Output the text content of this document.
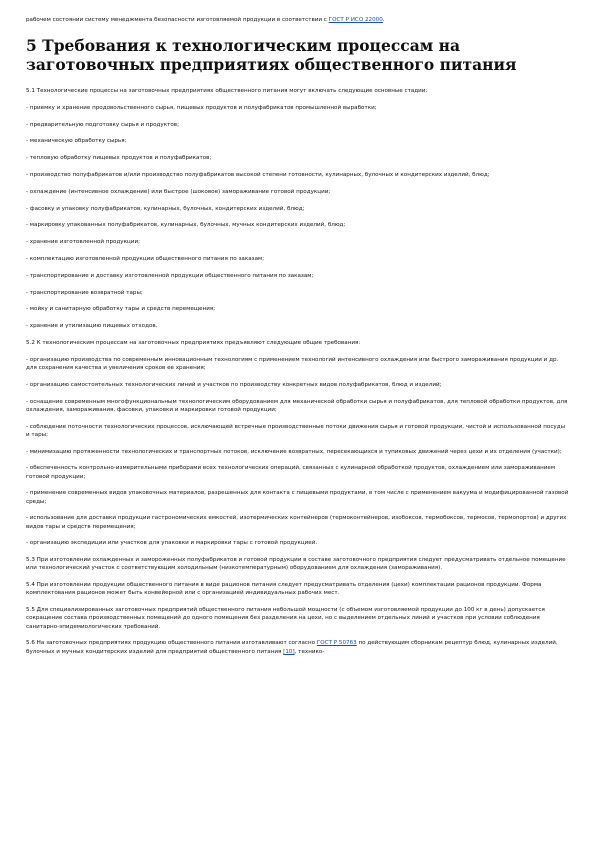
рабочем состоянии систему менеджмента безопасности изготовляемой продукции в соответствии с ГОСТ Р ИСО 22000.

5 Требования к технологическим процессам на заготовочных предприятиях общественного питания

5.1 Технологические процессы на заготовочных предприятиях общественного питания могут включать следующие основные стадии:

- приемку и хранение продовольственного сырья, пищевых продуктов и полуфабрикатов промышленной выработки;

- предварительную подготовку сырья и продуктов;

- механическую обработку сырья;

- тепловую обработку пищевых продуктов и полуфабрикатов;

- производство полуфабрикатов и/или производство полуфабрикатов высокой степени готовности, кулинарных, булочных и кондитерских изделий, блюд;

- охлаждение (интенсивное охлаждение) или быстрое (шоковое) замораживание готовой продукции;

- фасовку и упаковку полуфабрикатов, кулинарных, булочных, кондитерских изделий, блюд;

- маркировку упакованных полуфабрикатов, кулинарных, булочных, мучных кондитерских изделий, блюд;

- хранение изготовленной продукции;

- комплектацию изготовленной продукции общественного питания по заказам;

- транспортирование и доставку изготовленной продукции общественного питания по заказам;

- транспортирование возвратной тары;

- мойку и санитарную обработку тары и средств перемещения;

- хранение и утилизацию пищевых отходов.

5.2 К технологическим процессам на заготовочных предприятиях предъявляют следующие общие требования:

- организацию производства по современным инновационным технологиям с применением технологий интенсивного охлаждения или быстрого замораживания продукции и др. для сохранения качества и увеличения сроков ее хранения;

- организацию самостоятельных технологических линий и участков по производству конкретных видов полуфабрикатов, блюд и изделий;

- оснащение современным многофункциональным технологическим оборудованием для механической обработки сырья и полуфабрикатов, для тепловой обработки продуктов, для охлаждения, замораживания, фасовки, упаковки и маркировки готовой продукции;

- соблюдение поточности технологических процессов, исключающей встречные производственные потоки движения сырья и готовой продукции, чистой и использованной посуды и тары;

- минимизацию протяженности технологических и транспортных потоков, исключение возвратных, пересекающихся и тупиковых движений через цехи и их отделения (участки);

- обеспеченность контрольно-измерительными приборами всех технологических операций, связанных с кулинарной обработкой продуктов, охлаждением или замораживанием готовой продукции;

- применение современных видов упаковочных материалов, разрешенных для контакта с пищевыми продуктами, в том числе с применением вакуума и модифицированной газовой среды;

- использование для доставки продукции гастрономических емкостей, изотермических контейнеров (термоконтейнеров, изобоксов, термобоксов, термосов, термопортов) и других видов тары и средств перемещения;

- организацию экспедиции или участков для упаковки и маркировки тары с готовой продукцией.

5.3 При изготовлении охлажденных и замороженных полуфабрикатов и готовой продукции в составе заготовочного предприятия следует предусматривать отдельное помещение или технологический участок с соответствующим холодильным (низкотемпературным) оборудованием для охлаждения (замораживания).

5.4 При изготовлении продукции общественного питания в виде рационов питания следует предусматривать отделения (цехи) комплектации рационов продукции. Форма комплектования рационов может быть конвейерной или с организацией индивидуальных рабочих мест.

5.5 Для специализированных заготовочных предприятий общественного питания небольшой мощности (с объемом изготовляемой продукции до 100 кг в день) допускается сокращение состава производственных помещений до одного помещения без разделения на цехи, но с выделением отдельных линий и участков при условии соблюдения санитарно-эпидемиологических требований.

5.6 На заготовочных предприятиях продукцию общественного питания изготавливают согласно ГОСТ Р 50763 по действующим сборникам рецептур блюд, кулинарных изделий, булочных и мучных кондитерских изделий для предприятий общественного питания [10], технико-
